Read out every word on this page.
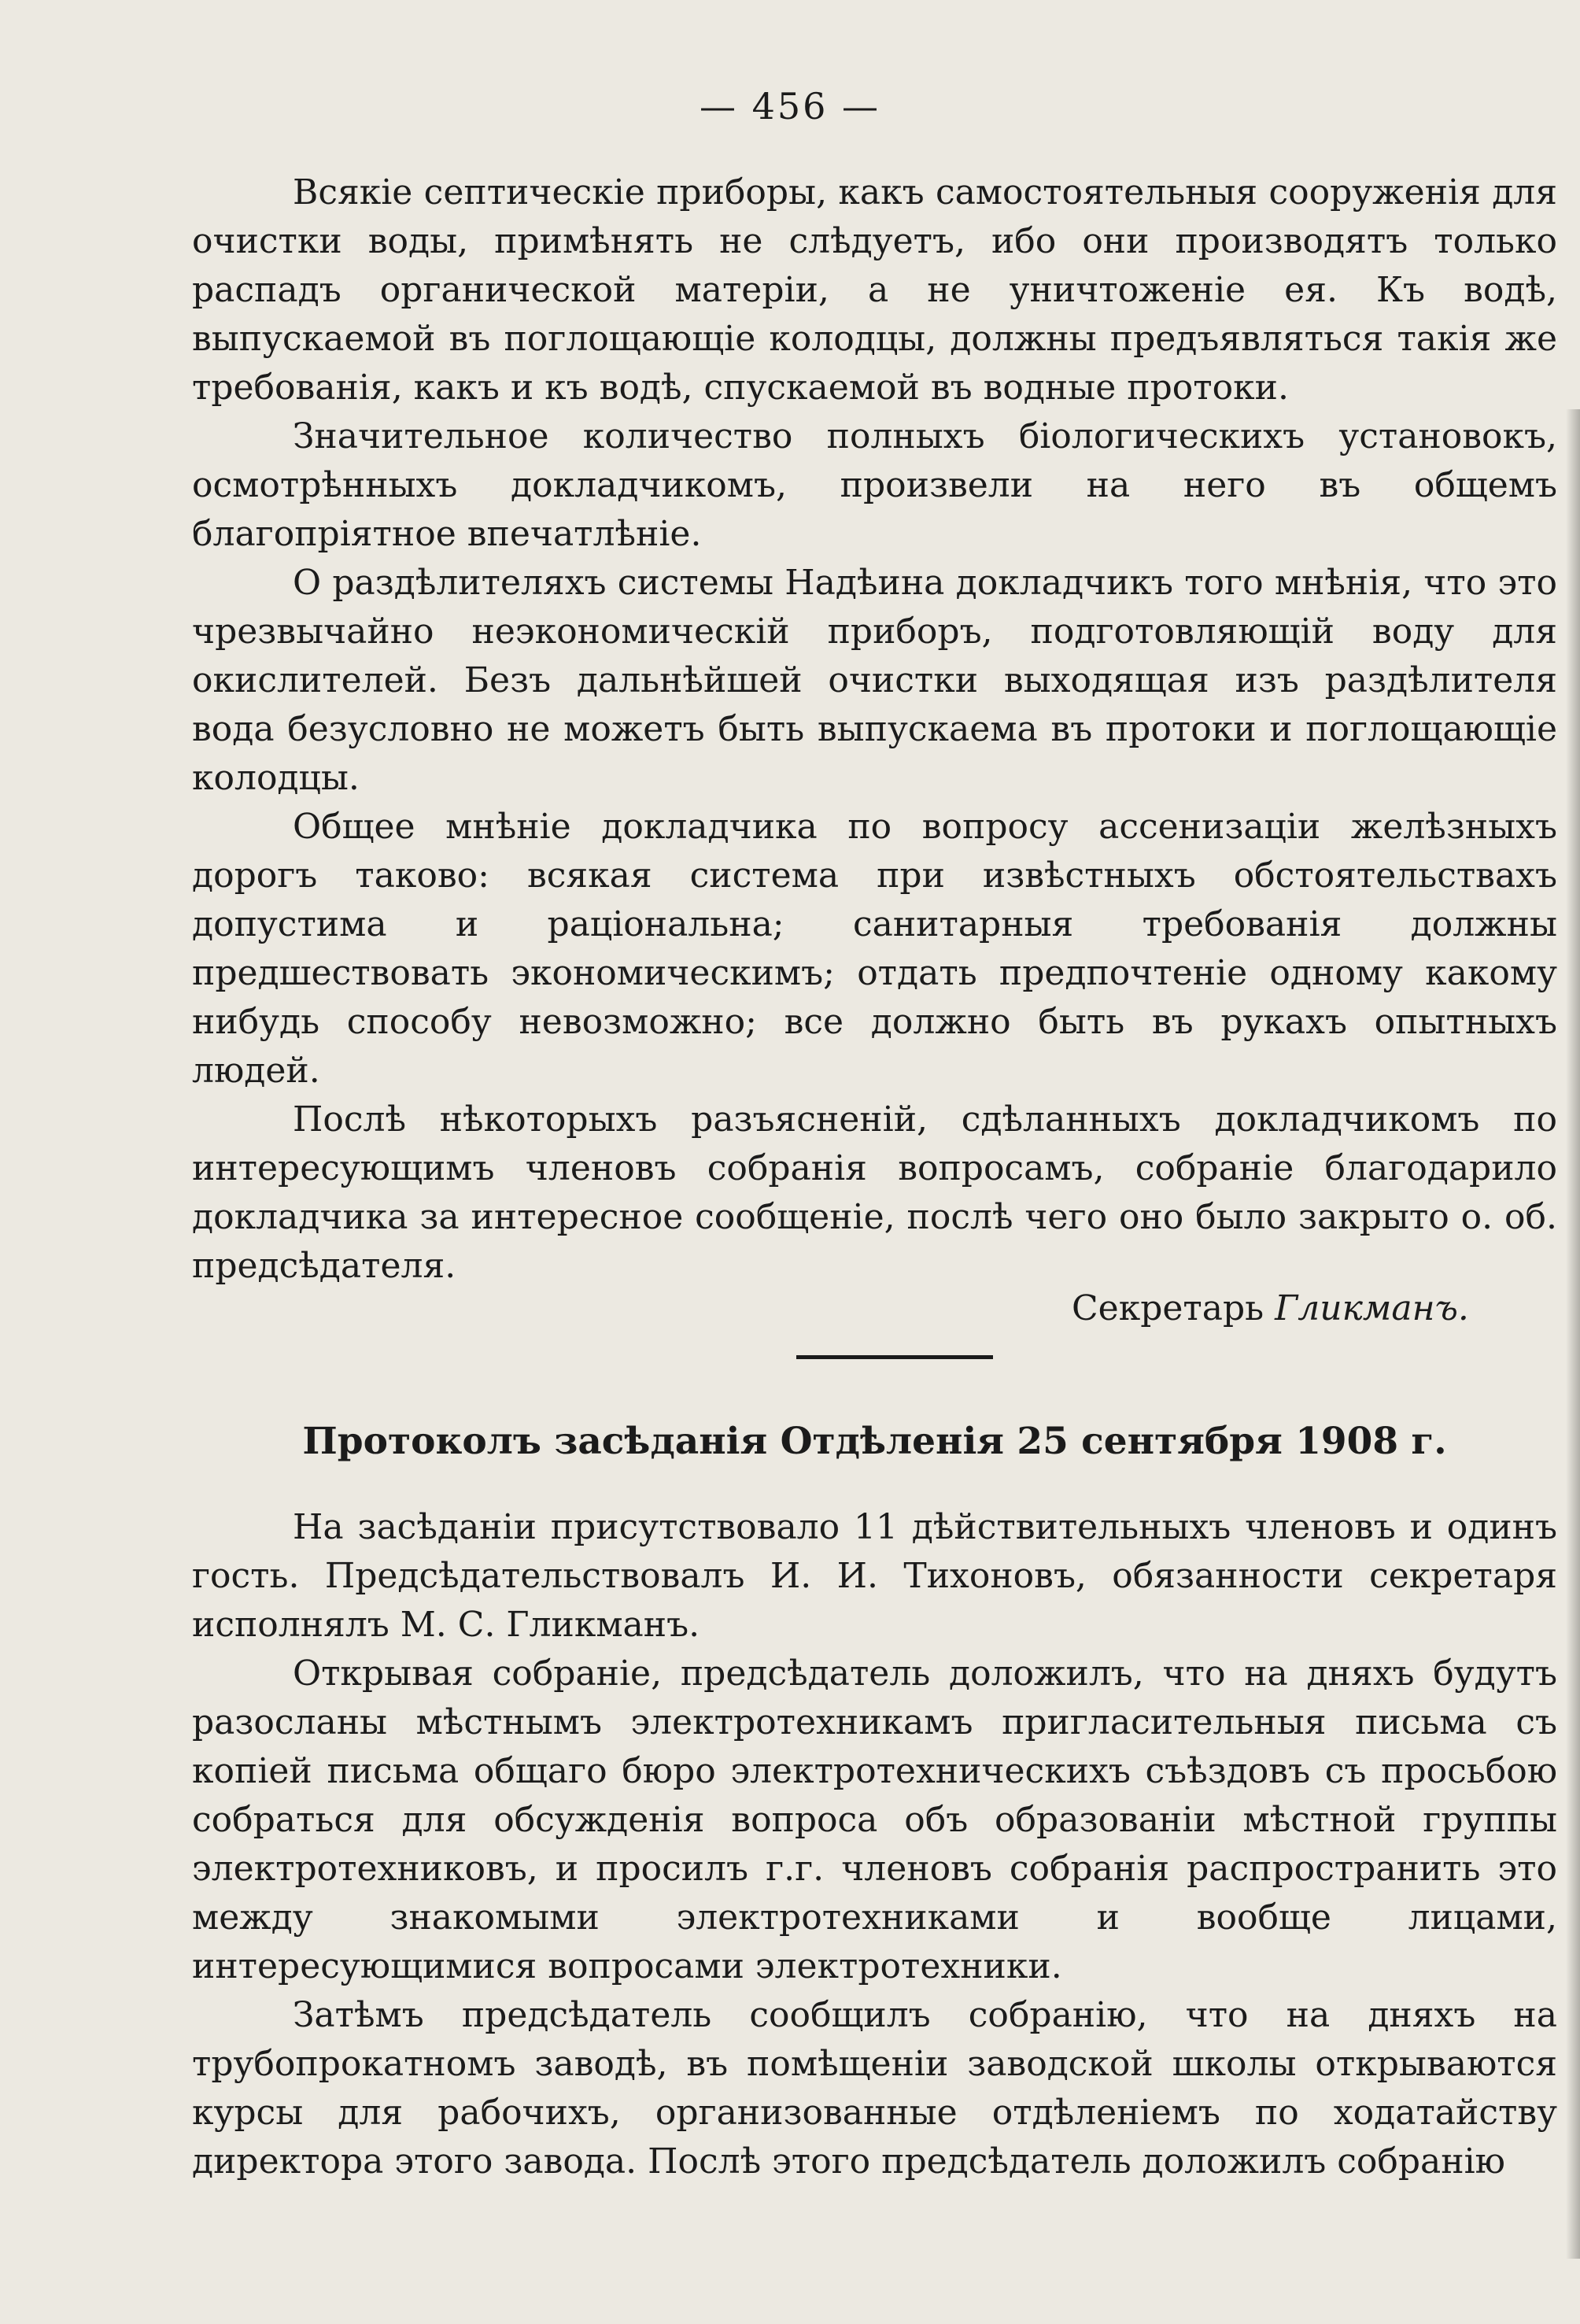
— 456 —

Всякіе септическіе приборы, какъ самостоятельныя сооруженія для очистки воды, примѣнять не слѣдуетъ, ибо они производятъ только распадъ органической матеріи, а не уничтоженіе ея. Къ водѣ, выпускаемой въ поглощающіе колодцы, должны предъявляться такія же требованія, какъ и къ водѣ, спускаемой въ водные протоки.

Значительное количество полныхъ біологическихъ установокъ, осмотрѣнныхъ докладчикомъ, произвели на него въ общемъ благопріятное впечатлѣніе.

О раздѣлителяхъ системы Надѣина докладчикъ того мнѣнія, что это чрезвычайно неэкономическій приборъ, подготовляющій воду для окислителей. Безъ дальнѣйшей очистки выходящая изъ раздѣлителя вода безусловно не можетъ быть выпускаема въ протоки и поглощающіе колодцы.

Общее мнѣніе докладчика по вопросу ассенизаціи желѣзныхъ дорогъ таково: всякая система при извѣстныхъ обстоятельствахъ допустима и раціональна; санитарныя требованія должны предшествовать экономическимъ; отдать предпочтеніе одному какому нибудь способу невозможно; все должно быть въ рукахъ опытныхъ людей.

Послѣ нѣкоторыхъ разъясненій, сдѣланныхъ докладчикомъ по интересующимъ членовъ собранія вопросамъ, собраніе благодарило докладчика за интересное сообщеніе, послѣ чего оно было закрыто о. об. предсѣдателя.

Секретарь Гликманъ.
Протоколъ засѣданія Отдѣленія 25 сентября 1908 г.

На засѣданіи присутствовало 11 дѣйствительныхъ членовъ и одинъ гость. Предсѣдательствовалъ И. И. Тихоновъ, обязанности секретаря исполнялъ М. С. Гликманъ.

Открывая собраніе, предсѣдатель доложилъ, что на дняхъ будутъ разосланы мѣстнымъ электротехникамъ пригласительныя письма съ копіей письма общаго бюро электротехническихъ съѣздовъ съ просьбою собраться для обсужденія вопроса объ образованіи мѣстной группы электротехниковъ, и просилъ г.г. членовъ собранія распространить это между знакомыми электротехниками и вообще лицами, интересующимися вопросами электротехники.

Затѣмъ предсѣдатель сообщилъ собранію, что на дняхъ на трубопрокатномъ заводѣ, въ помѣщеніи заводской школы открываются курсы для рабочихъ, организованные отдѣленіемъ по ходатайству директора этого завода. Послѣ этого предсѣдатель доложилъ собранію
